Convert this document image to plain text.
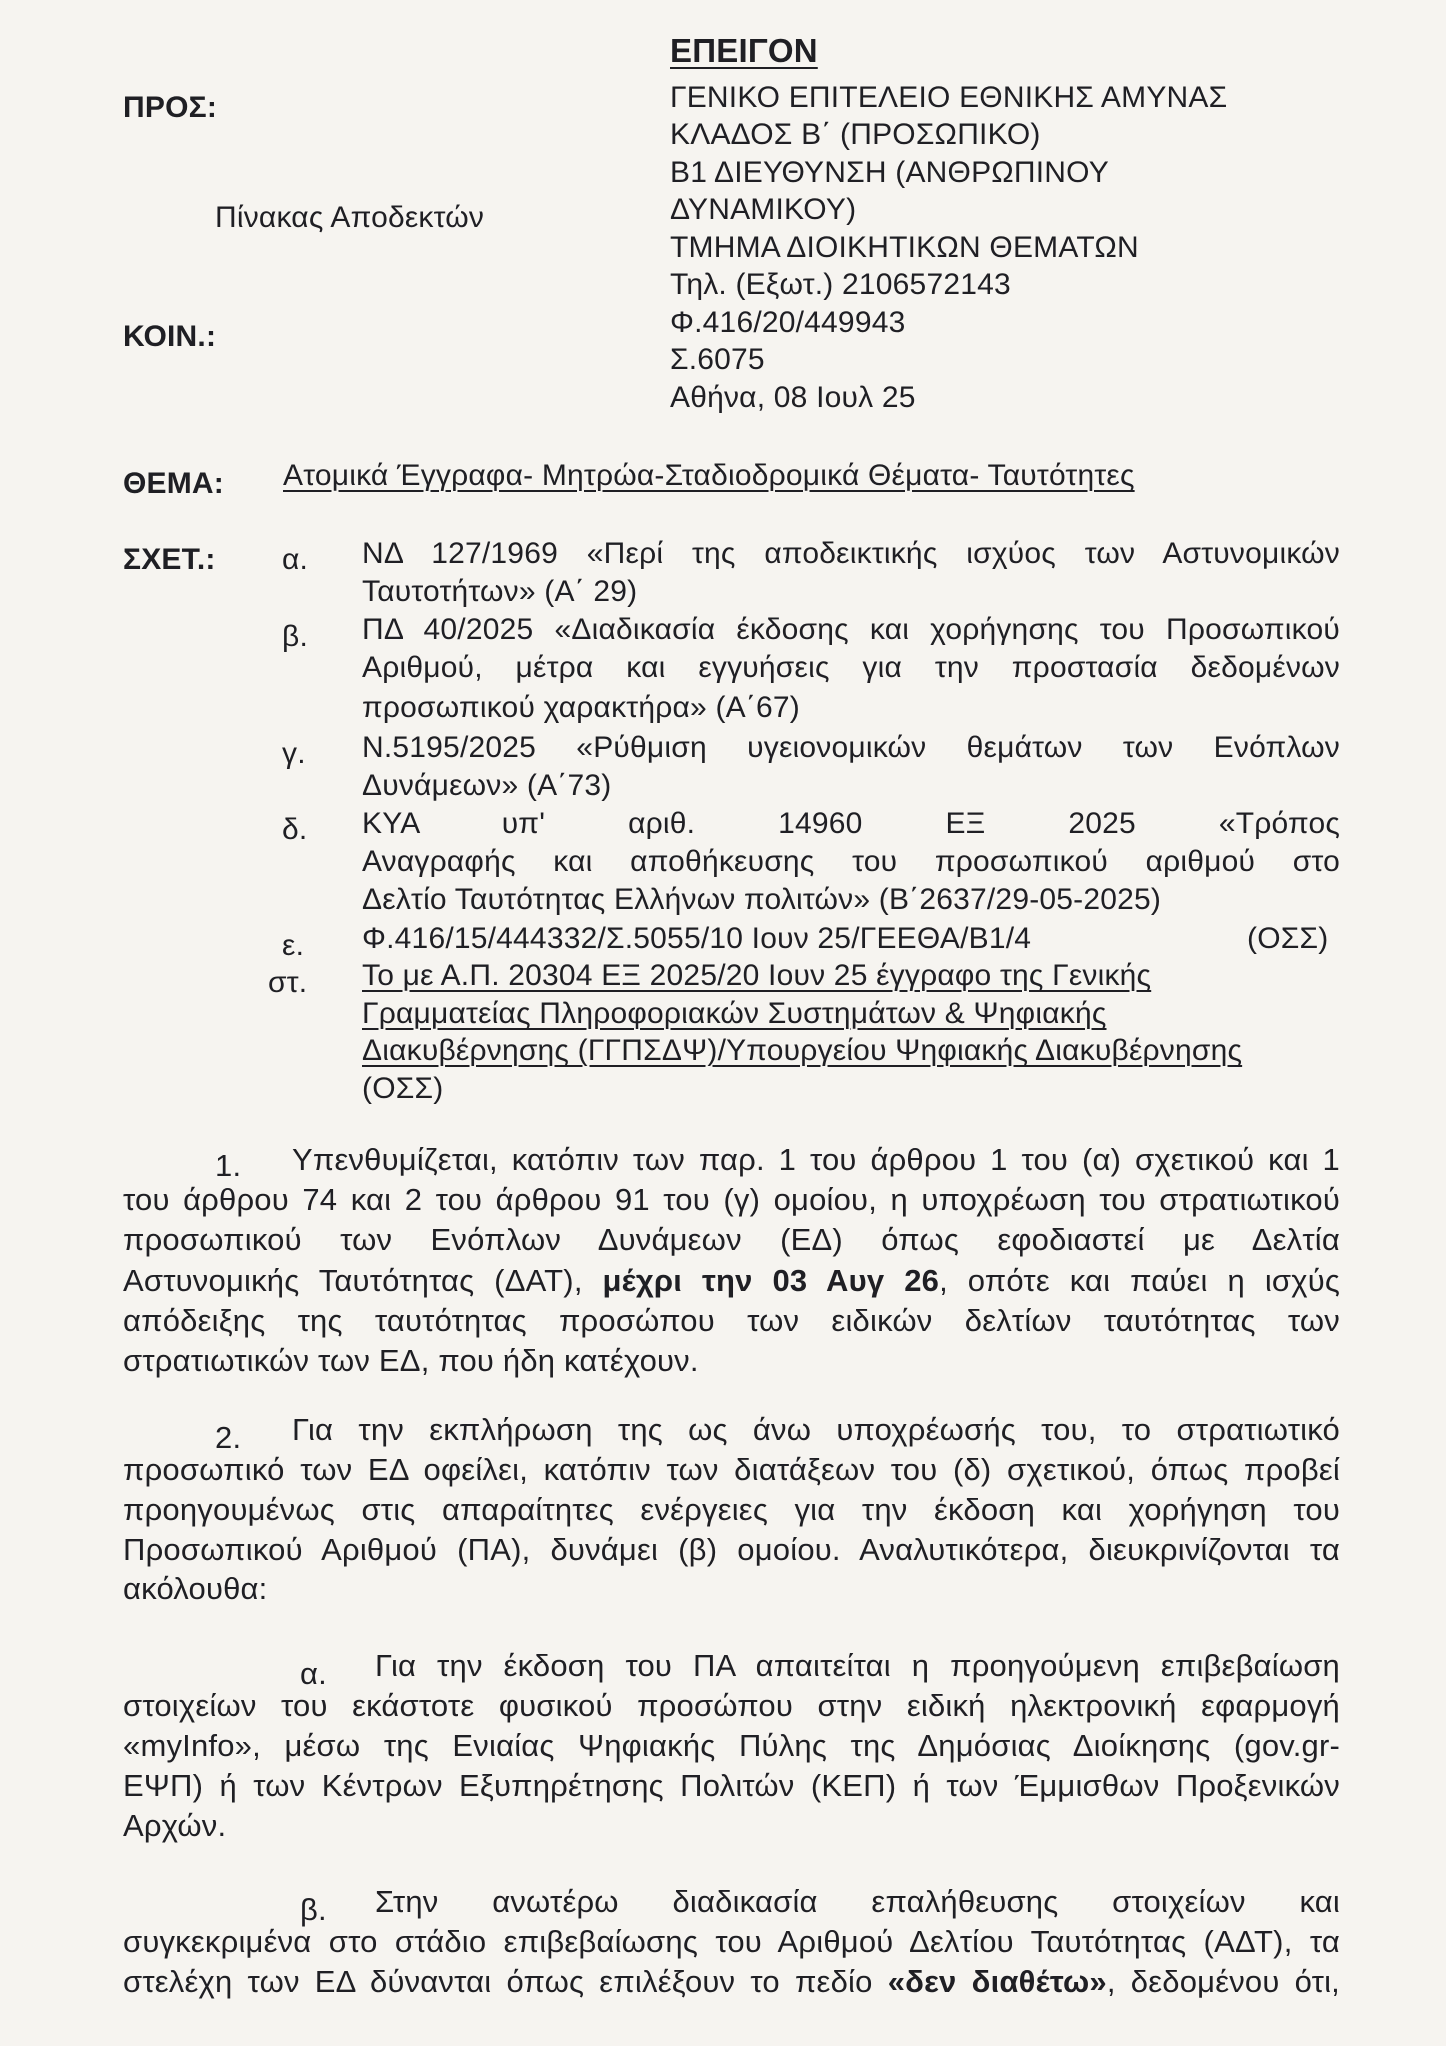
ΕΠΕΙΓΟΝ
ΠΡΟΣ:
Πίνακας Αποδεκτών
ΚΟΙΝ.:
ΓΕΝΙΚΟ ΕΠΙΤΕΛΕΙΟ ΕΘΝΙΚΗΣ ΑΜΥΝΑΣ
ΚΛΑΔΟΣ Β΄ (ΠΡΟΣΩΠΙΚΟ)
Β1 ΔΙΕΥΘΥΝΣΗ (ΑΝΘΡΩΠΙΝΟΥ
ΔΥΝΑΜΙΚΟΥ)
ΤΜΗΜΑ ΔΙΟΙΚΗΤΙΚΩΝ ΘΕΜΑΤΩΝ
Τηλ. (Εξωτ.) 2106572143
Φ.416/20/449943
Σ.6075
Αθήνα, 08 Ιουλ 25
ΘΕΜΑ: Ατομικά Έγγραφα- Μητρώα-Σταδιοδρομικά Θέματα- Ταυτότητες
ΣΧΕΤ.: α. ΝΔ 127/1969 «Περί της αποδεικτικής ισχύος των Αστυνομικών
Ταυτοτήτων» (Α΄ 29)
β. ΠΔ 40/2025 «Διαδικασία έκδοσης και χορήγησης του Προσωπικού
Αριθμού, μέτρα και εγγυήσεις για την προστασία δεδομένων
προσωπικού χαρακτήρα» (Α΄67)
γ. Ν.5195/2025 «Ρύθμιση υγειονομικών θεμάτων των Ενόπλων
Δυνάμεων» (Α΄73)
δ. ΚΥΑ υπ' αριθ. 14960 ΕΞ 2025 «Τρόπος
Αναγραφής και αποθήκευσης του προσωπικού αριθμού στο
Δελτίο Ταυτότητας Ελλήνων πολιτών» (Β΄2637/29-05-2025)
ε. Φ.416/15/444332/Σ.5055/10 Ιουν 25/ΓΕΕΘΑ/Β1/4	(ΟΣΣ)
στ. Το με Α.Π. 20304 ΕΞ 2025/20 Ιουν 25 έγγραφο της Γενικής
Γραμματείας Πληροφοριακών Συστημάτων & Ψηφιακής
Διακυβέρνησης (ΓΓΠΣΔΨ)/Υπουργείου Ψηφιακής Διακυβέρνησης
(ΟΣΣ)
1. Υπενθυμίζεται, κατόπιν των παρ. 1 του άρθρου 1 του (α) σχετικού και 1
του άρθρου 74 και 2 του άρθρου 91 του (γ) ομοίου, η υποχρέωση του στρατιωτικού
προσωπικού των Ενόπλων Δυνάμεων (ΕΔ) όπως εφοδιαστεί με Δελτία
Αστυνομικής Ταυτότητας (ΔΑΤ), μέχρι την 03 Αυγ 26, οπότε και παύει η ισχύς
απόδειξης της ταυτότητας προσώπου των ειδικών δελτίων ταυτότητας των
στρατιωτικών των ΕΔ, που ήδη κατέχουν.
2. Για την εκπλήρωση της ως άνω υποχρέωσής του, το στρατιωτικό
προσωπικό των ΕΔ οφείλει, κατόπιν των διατάξεων του (δ) σχετικού, όπως προβεί
προηγουμένως στις απαραίτητες ενέργειες για την έκδοση και χορήγηση του
Προσωπικού Αριθμού (ΠΑ), δυνάμει (β) ομοίου. Αναλυτικότερα, διευκρινίζονται τα
ακόλουθα:
α. Για την έκδοση του ΠΑ απαιτείται η προηγούμενη επιβεβαίωση
στοιχείων του εκάστοτε φυσικού προσώπου στην ειδική ηλεκτρονική εφαρμογή
«myInfo», μέσω της Ενιαίας Ψηφιακής Πύλης της Δημόσιας Διοίκησης (gov.gr-
ΕΨΠ) ή των Κέντρων Εξυπηρέτησης Πολιτών (ΚΕΠ) ή των Έμμισθων Προξενικών
Αρχών.
β. Στην ανωτέρω διαδικασία επαλήθευσης στοιχείων και
συγκεκριμένα στο στάδιο επιβεβαίωσης του Αριθμού Δελτίου Ταυτότητας (ΑΔΤ), τα
στελέχη των ΕΔ δύνανται όπως επιλέξουν το πεδίο «δεν διαθέτω», δεδομένου ότι,
